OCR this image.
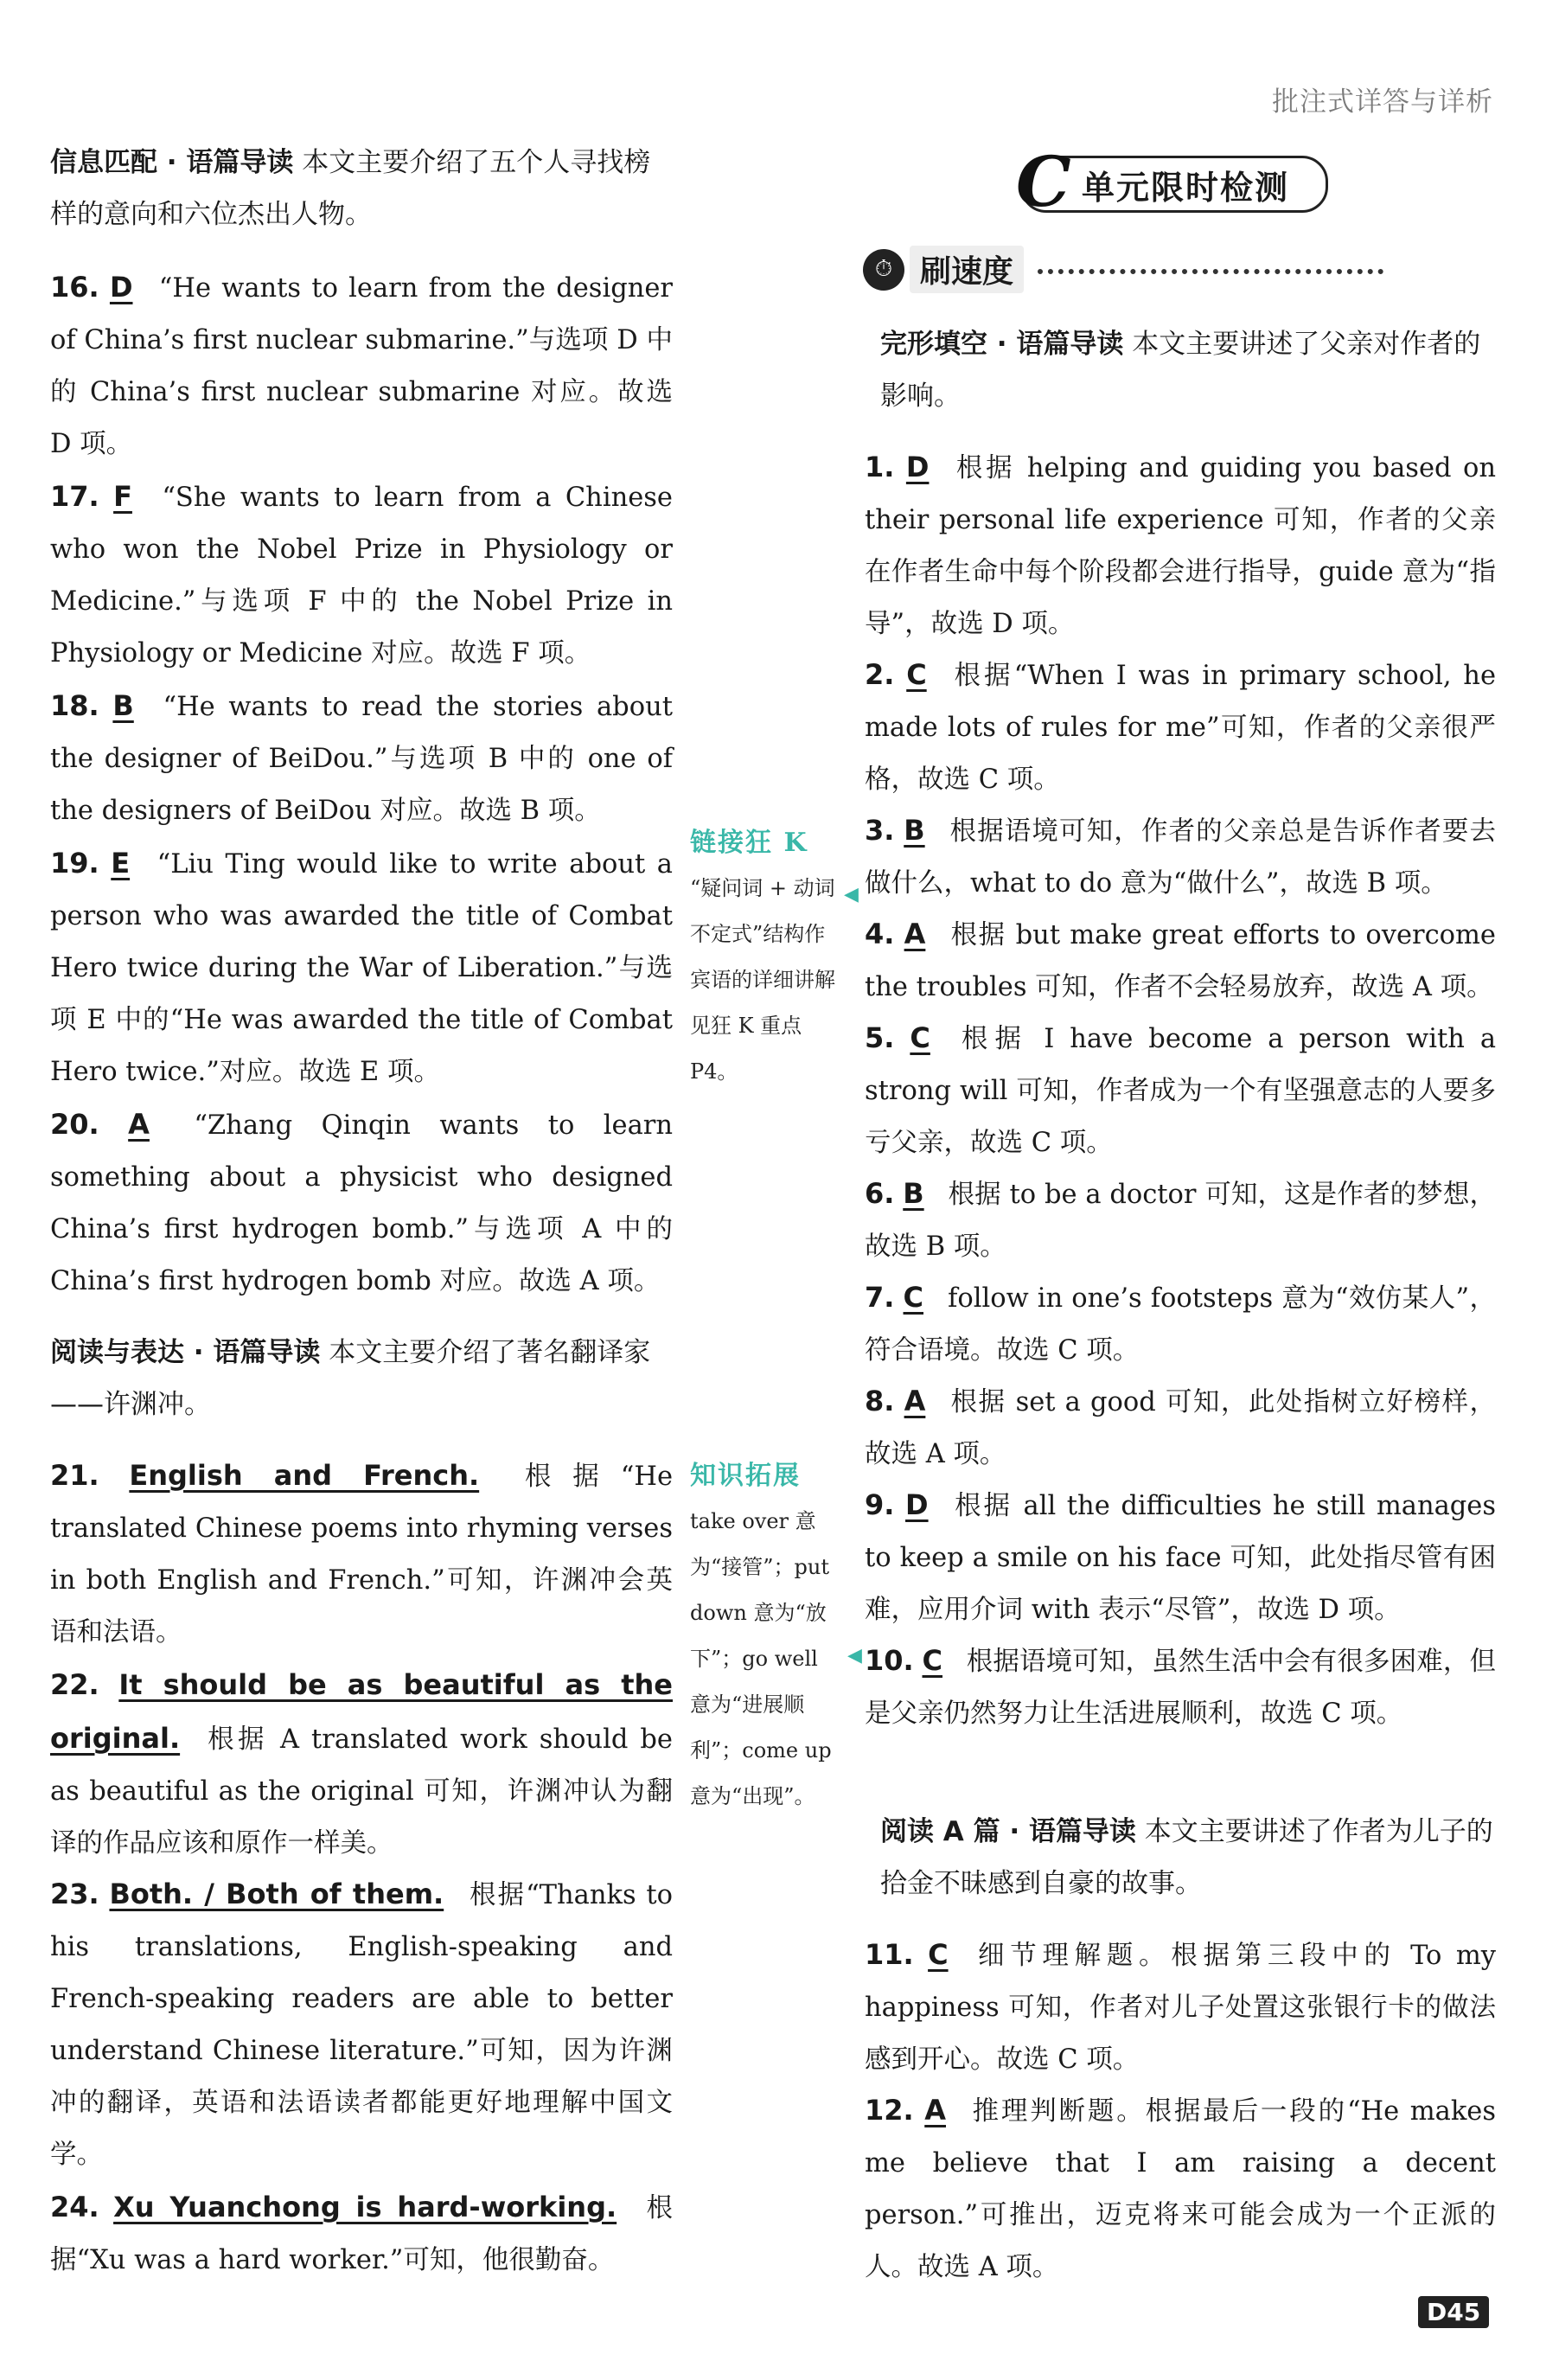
批注式详答与详析
信息匹配 · 语篇导读 本文主要介绍了五个人寻找榜样的意向和六位杰出人物。
16. D “He wants to learn from the designer of China’s first nuclear submarine.”与选项 D 中的 China’s first nuclear submarine 对应。故选 D 项。
17. F “She wants to learn from a Chinese who won the Nobel Prize in Physiology or Medicine.”与选项 F 中的 the Nobel Prize in Physiology or Medicine 对应。故选 F 项。
18. B “He wants to read the stories about the designer of BeiDou.”与选项 B 中的 one of the designers of BeiDou 对应。故选 B 项。
19. E “Liu Ting would like to write about a person who was awarded the title of Combat Hero twice during the War of Liberation.”与选项 E 中的“He was awarded the title of Combat Hero twice.”对应。故选 E 项。
20. A “Zhang Qinqin wants to learn something about a physicist who designed China’s first hydrogen bomb.”与选项 A 中的 China’s first hydrogen bomb 对应。故选 A 项。
阅读与表达 · 语篇导读 本文主要介绍了著名翻译家——许渊冲。
21. English and French. 根据“He translated Chinese poems into rhyming verses in both English and French.”可知，许渊冲会英语和法语。
22. It should be as beautiful as the original. 根据 A translated work should be as beautiful as the original 可知，许渊冲认为翻译的作品应该和原作一样美。
23. Both. / Both of them. 根据“Thanks to his translations, English-speaking and French-speaking readers are able to better understand Chinese literature.”可知，因为许渊冲的翻译，英语和法语读者都能更好地理解中国文学。
24. Xu Yuanchong is hard-working. 根据“Xu was a hard worker.”可知，他很勤奋。
链接狂 K
“疑问词 + 动词不定式”结构作宾语的详细讲解见狂 K 重点 P4。
◀
知识拓展
take over 意为“接管”；put down 意为“放下”；go well 意为“进展顺利”；come up 意为“出现”。
◀
C 单元限时检测
⏱ 刷速度
完形填空 · 语篇导读 本文主要讲述了父亲对作者的影响。
1. D 根据 helping and guiding you based on their personal life experience 可知，作者的父亲在作者生命中每个阶段都会进行指导，guide 意为“指导”，故选 D 项。
2. C 根据“When I was in primary school, he made lots of rules for me”可知，作者的父亲很严格，故选 C 项。
3. B 根据语境可知，作者的父亲总是告诉作者要去做什么，what to do 意为“做什么”，故选 B 项。
4. A 根据 but make great efforts to overcome the troubles 可知，作者不会轻易放弃，故选 A 项。
5. C 根据 I have become a person with a strong will 可知，作者成为一个有坚强意志的人要多亏父亲，故选 C 项。
6. B 根据 to be a doctor 可知，这是作者的梦想，故选 B 项。
7. C follow in one’s footsteps 意为“效仿某人”，符合语境。故选 C 项。
8. A 根据 set a good 可知，此处指树立好榜样，故选 A 项。
9. D 根据 all the difficulties he still manages to keep a smile on his face 可知，此处指尽管有困难，应用介词 with 表示“尽管”，故选 D 项。
10. C 根据语境可知，虽然生活中会有很多困难，但是父亲仍然努力让生活进展顺利，故选 C 项。
阅读 A 篇 · 语篇导读 本文主要讲述了作者为儿子的拾金不昧感到自豪的故事。
11. C 细节理解题。根据第三段中的 To my happiness 可知，作者对儿子处置这张银行卡的做法感到开心。故选 C 项。
12. A 推理判断题。根据最后一段的“He makes me believe that I am raising a decent person.”可推出，迈克将来可能会成为一个正派的人。故选 A 项。
D45
